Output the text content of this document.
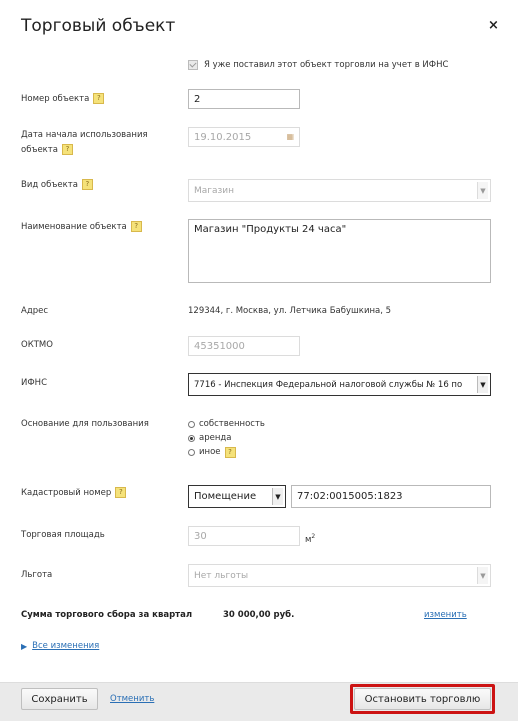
Торговый объект	×
Я уже поставил этот объект торговли на учет в ИФНС
Номер объекта ?	2
Дата начала использования
объекта ?
19.10.2015	▦
Вид объекта ?
Магазин	▼
Наименование объекта ?	Магазин "Продукты 24 часа"
Адрес	129344, г. Москва, ул. Летчика Бабушкина, 5
ОКТМО	45351000
ИФНС	7716 - Инспекция Федеральной налоговой службы № 16 по	▼
Основание для пользования	собственность
аренда
иное	?
Кадастровый номер ?	Помещение	▼ 77:02:0015005:1823
Торговая площадь	30	$м^2$
Льгота	Нет льготы	▼
Сумма торгового сбора за квартал	30 000,00 руб.	изменить
▶ Все изменения
Сохранить	Отменить	Остановить торговлю
